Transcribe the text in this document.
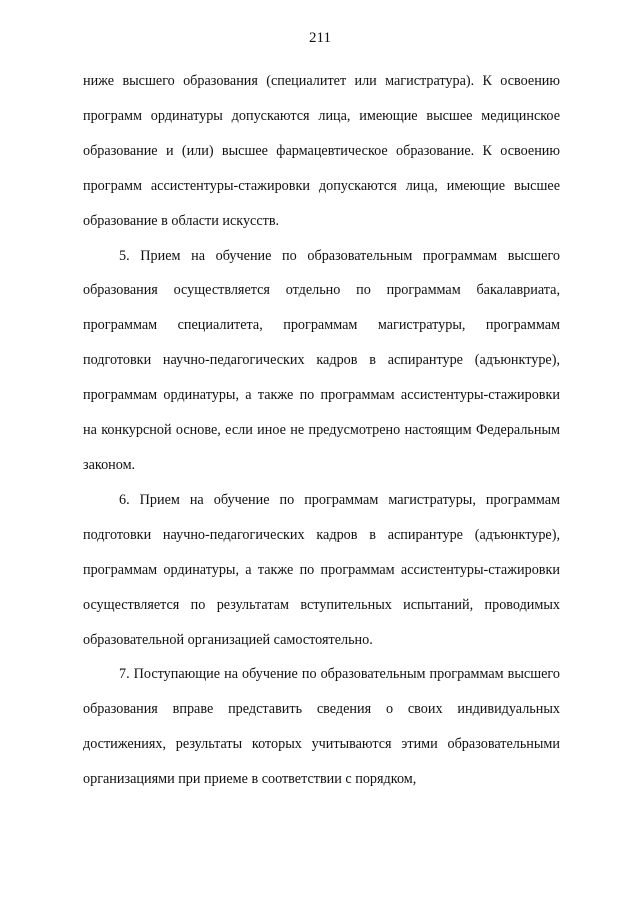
211

ниже высшего образования (специалитет или магистратура). К освоению программ ординатуры допускаются лица, имеющие высшее медицинское образование и (или) высшее фармацевтическое образование. К освоению программ ассистентуры-стажировки допускаются лица, имеющие высшее образование в области искусств.

5. Прием на обучение по образовательным программам высшего образования осуществляется отдельно по программам бакалавриата, программам специалитета, программам магистратуры, программам подготовки научно-педагогических кадров в аспирантуре (адъюнктуре), программам ординатуры, а также по программам ассистентуры-стажировки на конкурсной основе, если иное не предусмотрено настоящим Федеральным законом.

6. Прием на обучение по программам магистратуры, программам подготовки научно-педагогических кадров в аспирантуре (адъюнктуре), программам ординатуры, а также по программам ассистентуры-стажировки осуществляется по результатам вступительных испытаний, проводимых образовательной организацией самостоятельно.

7. Поступающие на обучение по образовательным программам высшего образования вправе представить сведения о своих индивидуальных достижениях, результаты которых учитываются этими образовательными организациями при приеме в соответствии с порядком,
